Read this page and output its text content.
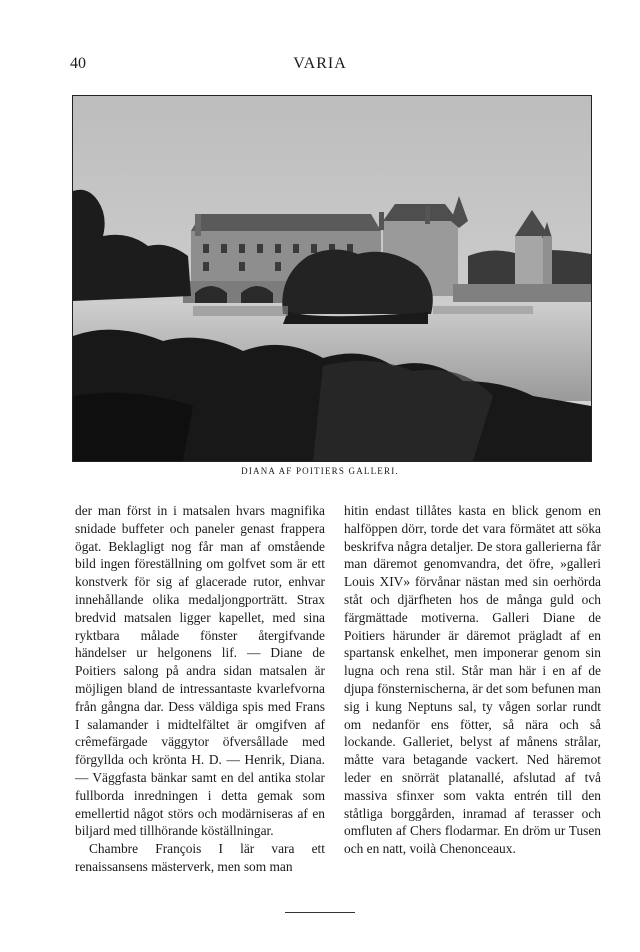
40	VARIA
DIANA AF POITIERS GALLERI.

der man först in i matsalen hvars magnifika snidade buffeter och paneler genast frappera ögat. Beklagligt nog får man af omstående bild ingen föreställning om golfvet som är ett konstverk för sig af glacerade rutor, enhvar innehållande olika medaljongporträtt. Strax bredvid matsalen ligger kapellet, med sina ryktbara målade fönster återgifvande händelser ur helgonens lif. — Diane de Poitiers salong på andra sidan matsalen är möjligen bland de intressantaste kvarlefvorna från gångna dar. Dess väldiga spis med Frans I salamander i midtelfältet är omgifven af crêmefärgade väggytor öfversållade med förgyllda och krönta H. D. — Henrik, Diana. — Väggfasta bänkar samt en del antika stolar fullborda inredningen i detta gemak som emellertid något störs och modärniseras af en biljard med tillhörande köställningar.

Chambre François I lär vara ett renaissansens mästerverk, men som man

hitin endast tillåtes kasta en blick genom en halföppen dörr, torde det vara förmätet att söka beskrifva några detaljer. De stora gallerierna får man däremot genomvandra, det öfre, »galleri Louis XIV» förvånar nästan med sin oerhörda ståt och djärfheten hos de många guld och färgmättade motiverna. Galleri Diane de Poitiers härunder är däremot prägladt af en spartansk enkelhet, men imponerar genom sin lugna och rena stil. Står man här i en af de djupa fönsternischerna, är det som befunen man sig i kung Neptuns sal, ty vågen sorlar rundt om nedanför ens fötter, så nära och så lockande. Galleriet, belyst af månens strålar, måtte vara betagande vackert. Ned häremot leder en snörrät platanallé, afslutad af två massiva sfinxer som vakta entrén till den ståtliga borggården, inramad af terasser och omfluten af Chers flodarmar. En dröm ur Tusen och en natt, voilà Chenonceaux.
